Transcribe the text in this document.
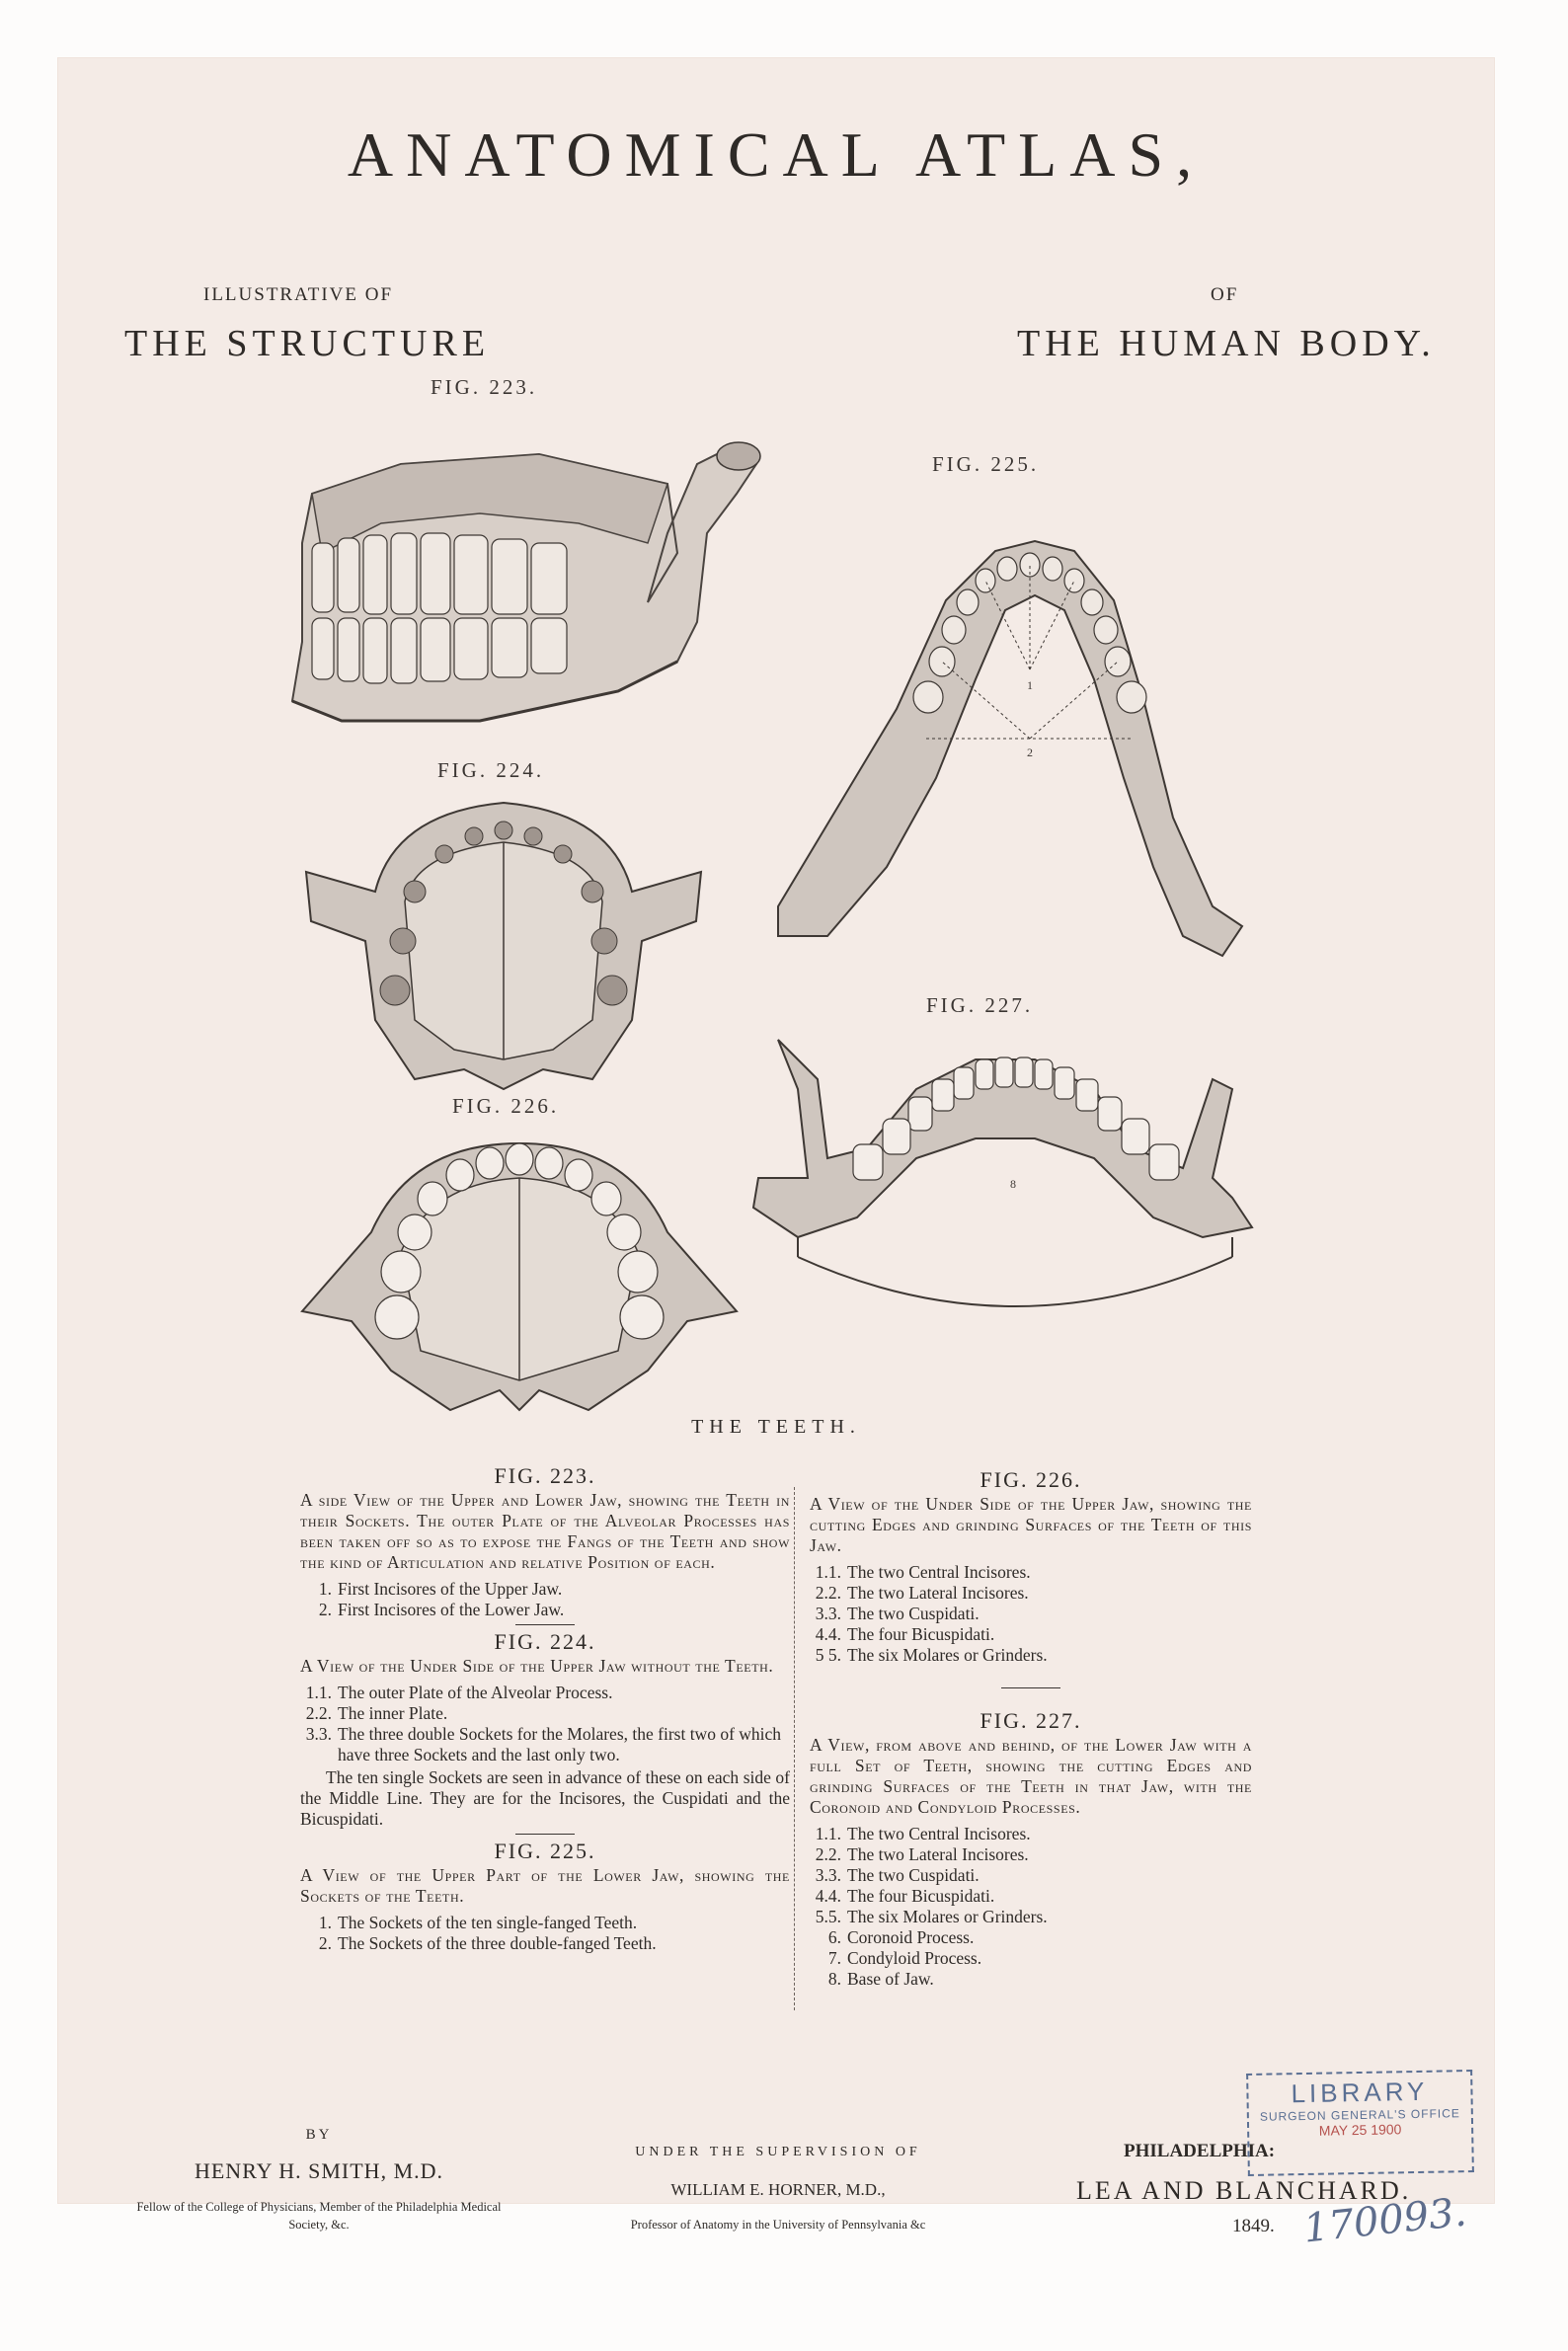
ANATOMICAL ATLAS,
ILLUSTRATIVE OF
THE STRUCTURE
OF
THE HUMAN BODY.
FIG. 223.
FIG. 225.
1
2
FIG. 224.
FIG. 226.
FIG. 227.
8
THE TEETH.
FIG. 223.

A side View of the Upper and Lower Jaw, showing the Teeth in their Sockets. The outer Plate of the Alveolar Processes has been taken off so as to expose the Fangs of the Teeth and show the kind of Articulation and relative Position of each.

1. First Incisores of the Upper Jaw.
2. First Incisores of the Lower Jaw.
FIG. 224.

A View of the Under Side of the Upper Jaw without the Teeth.

1.1. The outer Plate of the Alveolar Process.
2.2. The inner Plate.
3.3. The three double Sockets for the Molares, the first two of which have three Sockets and the last only two.

The ten single Sockets are seen in advance of these on each side of the Middle Line. They are for the Incisores, the Cuspidati and the Bicuspidati.

FIG. 225.

A View of the Upper Part of the Lower Jaw, showing the Sockets of the Teeth.

1. The Sockets of the ten single-fanged Teeth.
2. The Sockets of the three double-fanged Teeth.
FIG. 226.

A View of the Under Side of the Upper Jaw, showing the cutting Edges and grinding Surfaces of the Teeth of this Jaw.

1.1. The two Central Incisores.
2.2. The two Lateral Incisores.
3.3. The two Cuspidati.
4.4. The four Bicuspidati.
5 5. The six Molares or Grinders.
FIG. 227.

A View, from above and behind, of the Lower Jaw with a full Set of Teeth, showing the cutting Edges and grinding Surfaces of the Teeth in that Jaw, with the Coronoid and Condyloid Processes.

1.1. The two Central Incisores.
2.2. The two Lateral Incisores.
3.3. The two Cuspidati.
4.4. The four Bicuspidati.
5.5. The six Molares or Grinders.
6. Coronoid Process.
7. Condyloid Process.
8. Base of Jaw.
BY
HENRY H. SMITH, M.D.
Fellow of the College of Physicians, Member of the Philadelphia Medical Society, &c.
UNDER THE SUPERVISION OF
WILLIAM E. HORNER, M.D.,
Professor of Anatomy in the University of Pennsylvania &c
PHILADELPHIA:
LEA AND BLANCHARD.
1849.
LIBRARY
SURGEON GENERAL'S OFFICE
MAY 25 1900
170093.
